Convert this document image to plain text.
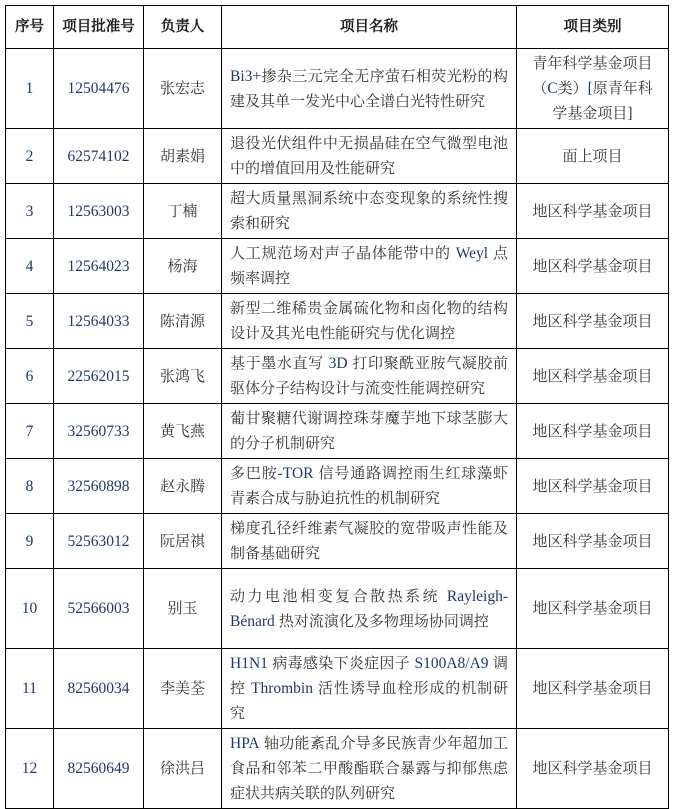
序号	项目批准号	负责人	项目名称	项目类别
1	12504476	张宏志	Bi3+掺杂三元完全无序萤石相荧光粉的构建及其单一发光中心全谱白光特性研究	青年科学基金项目（C类）[原青年科学基金项目]
2	62574102	胡素娟	退役光伏组件中无损晶硅在空气微型电池中的增值回用及性能研究	面上项目
3	12563003	丁楠	超大质量黑洞系统中态变现象的系统性搜索和研究	地区科学基金项目
4	12564023	杨海	人工规范场对声子晶体能带中的 Weyl 点频率调控	地区科学基金项目
5	12564033	陈清源	新型二维稀贵金属硫化物和卤化物的结构设计及其光电性能研究与优化调控	地区科学基金项目
6	22562015	张鸿飞	基于墨水直写 3D 打印聚酰亚胺气凝胶前驱体分子结构设计与流变性能调控研究	地区科学基金项目
7	32560733	黄飞燕	葡甘聚糖代谢调控珠芽魔芋地下球茎膨大的分子机制研究	地区科学基金项目
8	32560898	赵永腾	多巴胺-TOR 信号通路调控雨生红球藻虾青素合成与胁迫抗性的机制研究	地区科学基金项目
9	52563012	阮居祺	梯度孔径纤维素气凝胶的宽带吸声性能及制备基础研究	地区科学基金项目
10	52566003	别玉	动力电池相变复合散热系统 Rayleigh-Bénard 热对流演化及多物理场协同调控	地区科学基金项目
11	82560034	李美荃	H1N1 病毒感染下炎症因子 S100A8/A9 调控 Thrombin 活性诱导血栓形成的机制研究	地区科学基金项目
12	82560649	徐洪吕	HPA 轴功能紊乱介导多民族青少年超加工食品和邻苯二甲酸酯联合暴露与抑郁焦虑症状共病关联的队列研究	地区科学基金项目
